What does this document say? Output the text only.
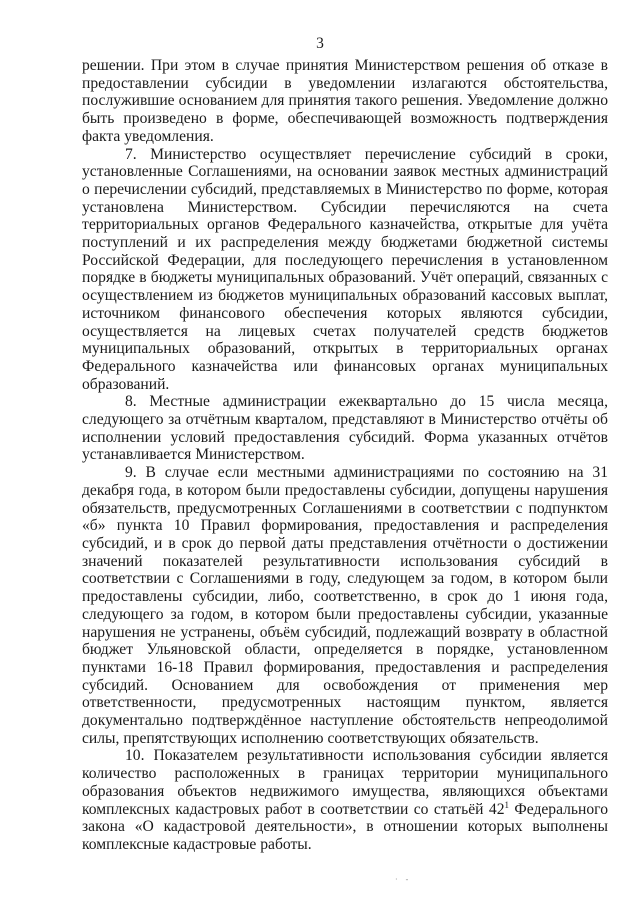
3

решении. При этом в случае принятия Министерством решения об отказе в предоставлении субсидии в уведомлении излагаются обстоятельства, послужившие основанием для принятия такого решения. Уведомление должно быть произведено в форме, обеспечивающей возможность подтверждения факта уведомления.

7. Министерство осуществляет перечисление субсидий в сроки, установленные Соглашениями, на основании заявок местных администраций о перечислении субсидий, представляемых в Министерство по форме, которая установлена Министерством. Субсидии перечисляются на счета территориальных органов Федерального казначейства, открытые для учёта поступлений и их распределения между бюджетами бюджетной системы Российской Федерации, для последующего перечисления в установленном порядке в бюджеты муниципальных образований. Учёт операций, связанных с осуществлением из бюджетов муниципальных образований кассовых выплат, источником финансового обеспечения которых являются субсидии, осуществляется на лицевых счетах получателей средств бюджетов муниципальных образований, открытых в территориальных органах Федерального казначейства или финансовых органах муниципальных образований.

8. Местные администрации ежеквартально до 15 числа месяца, следующего за отчётным кварталом, представляют в Министерство отчёты об исполнении условий предоставления субсидий. Форма указанных отчётов устанавливается Министерством.

9. В случае если местными администрациями по состоянию на 31 декабря года, в котором были предоставлены субсидии, допущены нарушения обязательств, предусмотренных Соглашениями в соответствии с подпунктом «б» пункта 10 Правил формирования, предоставления и распределения субсидий, и в срок до первой даты представления отчётности о достижении значений показателей результативности использования субсидий в соответствии с Соглашениями в году, следующем за годом, в котором были предоставлены субсидии, либо, соответственно, в срок до 1 июня года, следующего за годом, в котором были предоставлены субсидии, указанные нарушения не устранены, объём субсидий, подлежащий возврату в областной бюджет Ульяновской области, определяется в порядке, установленном пунктами 16-18 Правил формирования, предоставления и распределения субсидий. Основанием для освобождения от применения мер ответственности, предусмотренных настоящим пунктом, является документально подтверждённое наступление обстоятельств непреодолимой силы, препятствующих исполнению соответствующих обязательств.

10. Показателем результативности использования субсидии является количество расположенных в границах территории муниципального образования объектов недвижимого имущества, являющихся объектами комплексных кадастровых работ в соответствии со статьёй $42^1$ Федерального закона «О кадастровой деятельности», в отношении которых выполнены комплексные кадастровые работы.

· -
